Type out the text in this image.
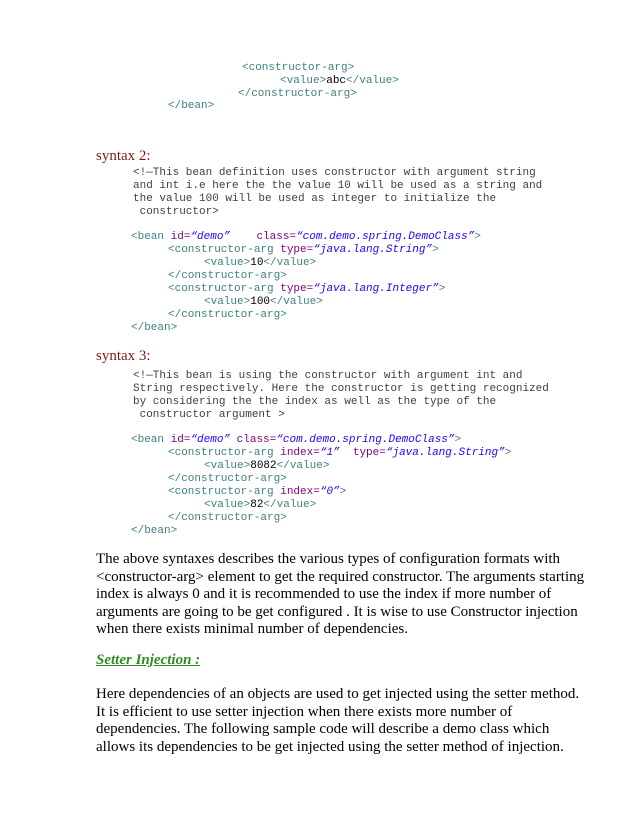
<constructor-arg>
<value>abc</value>
</constructor-arg>
</bean>
syntax 2:
<!—This bean definition uses constructor with argument string
and int i.e here the the value 10 will be used as a string and
the value 100 will be used as integer to initialize the
constructor>
<bean id=“demo” class=“com.demo.spring.DemoClass”>
<constructor-arg type=“java.lang.String”>
<value>10</value>
</constructor-arg>
<constructor-arg type=“java.lang.Integer”>
<value>100</value>
</constructor-arg>
</bean>
syntax 3:
<!—This bean is using the constructor with argument int and
String respectively. Here the constructor is getting recognized
by considering the the index as well as the type of the
constructor argument >
<bean id=“demo” class=“com.demo.spring.DemoClass”>
<constructor-arg index=“1” type=“java.lang.String”>
<value>8082</value>
</constructor-arg>
<constructor-arg index=“0”>
<value>82</value>
</constructor-arg>
</bean>

The above syntaxes describes the various types of configuration formats with <constructor-arg> element to get the required constructor. The arguments starting index is always 0 and it is recommended to use the index if more number of arguments are going to be get configured . It is wise to use Constructor injection when there exists minimal number of dependencies.

Setter Injection :

Here dependencies of an objects are used to get injected using the setter method. It is efficient to use setter injection when there exists more number of dependencies. The following sample code will describe a demo class which allows its dependencies to be get injected using the setter method of injection.
